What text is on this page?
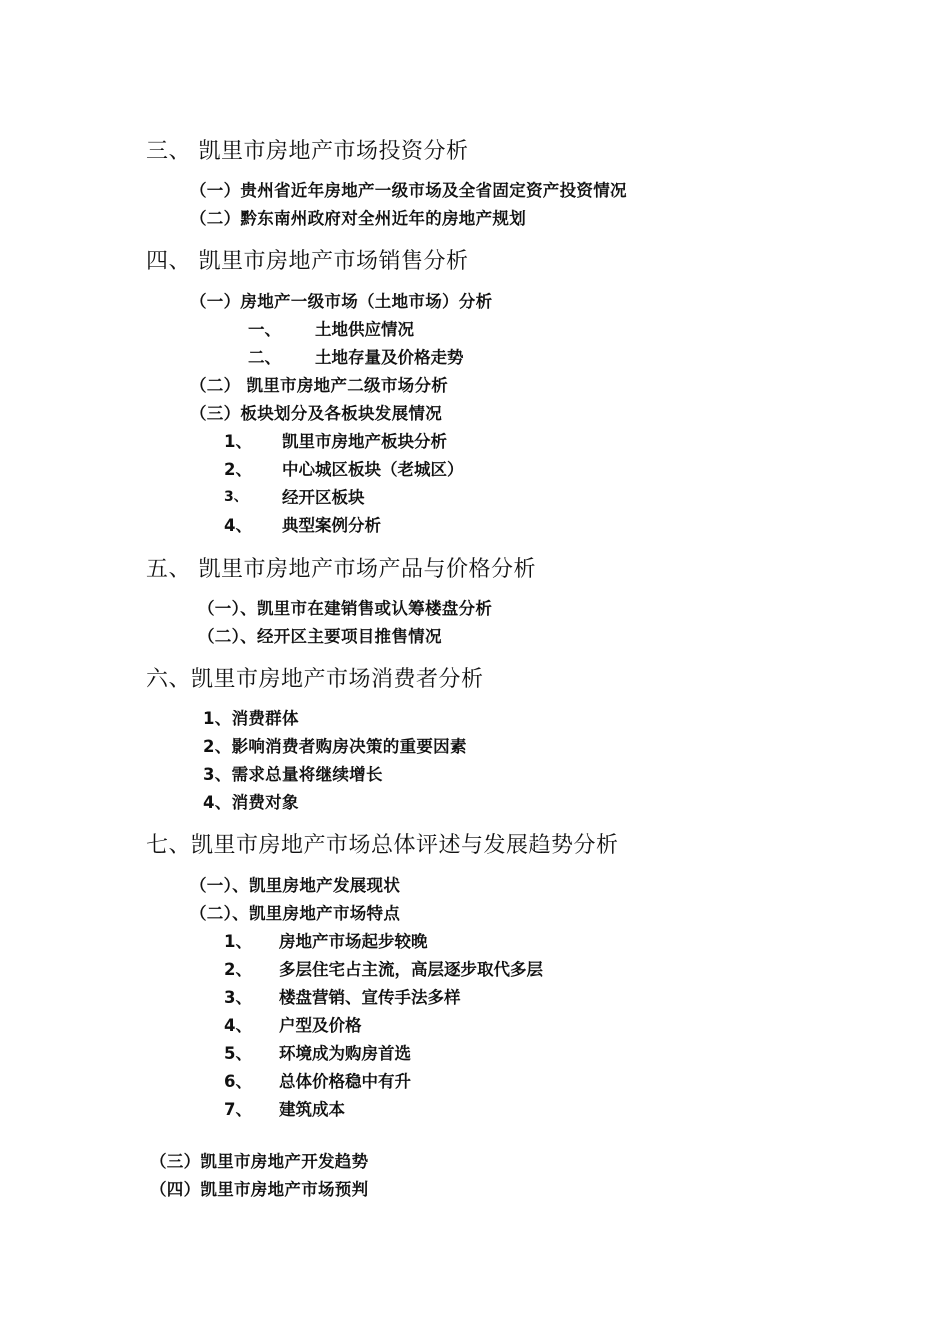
三、 凯里市房地产市场投资分析
（一）贵州省近年房地产一级市场及全省固定资产投资情况
（二）黔东南州政府对全州近年的房地产规划
四、 凯里市房地产市场销售分析
（一）房地产一级市场（土地市场）分析
一、 土地供应情况
二、 土地存量及价格走势
（二） 凯里市房地产二级市场分析
（三）板块划分及各板块发展情况
1、 凯里市房地产板块分析
2、 中心城区板块（老城区）
3、 经开区板块
4、 典型案例分析
五、 凯里市房地产市场产品与价格分析
（一）、凯里市在建销售或认筹楼盘分析
（二）、经开区主要项目推售情况
六、凯里市房地产市场消费者分析
1、消费群体
2、影响消费者购房决策的重要因素
3、需求总量将继续增长
4、消费对象
七、凯里市房地产市场总体评述与发展趋势分析
（一）、凯里房地产发展现状
（二）、凯里房地产市场特点
1、 房地产市场起步较晚
2、 多层住宅占主流，高层逐步取代多层
3、 楼盘营销、宣传手法多样
4、 户型及价格
5、 环境成为购房首选
6、 总体价格稳中有升
7、 建筑成本
（三）凯里市房地产开发趋势
（四）凯里市房地产市场预判
